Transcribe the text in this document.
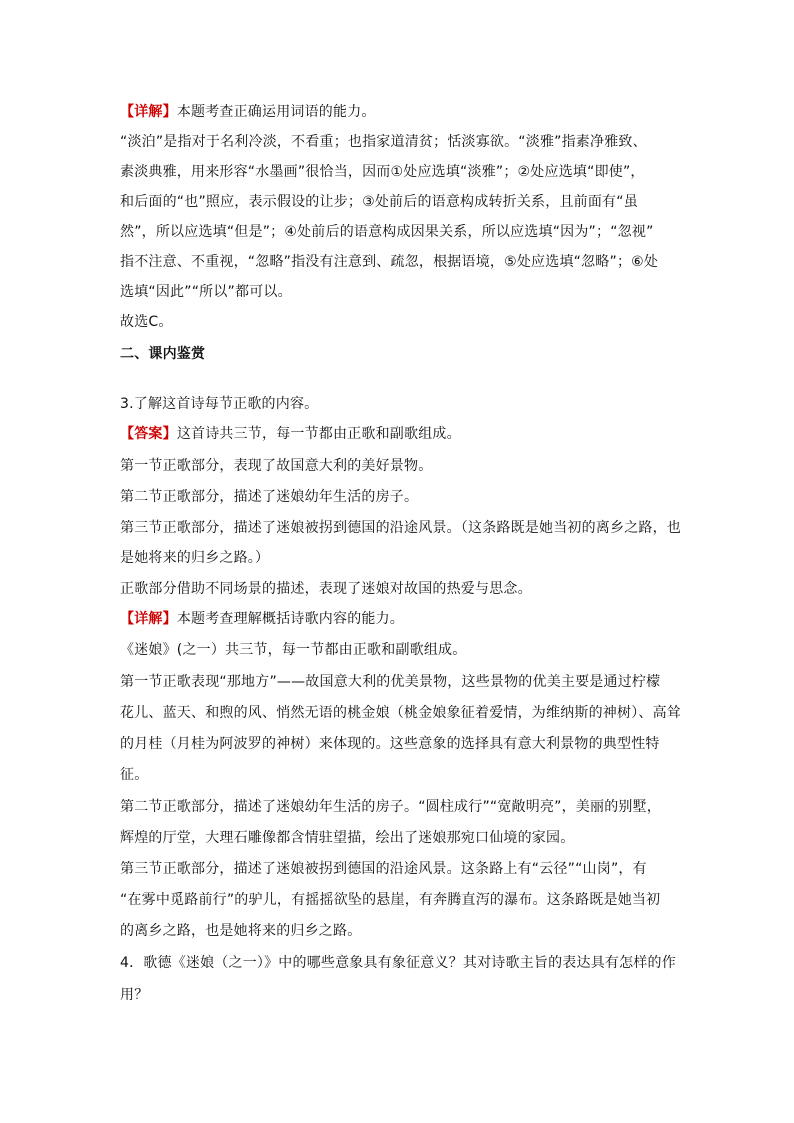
【详解】本题考查正确运用词语的能力。
“淡泊”是指对于名利冷淡，不看重；也指家道清贫；恬淡寡欲。“淡雅”指素净雅致、
素淡典雅，用来形容“水墨画”很恰当，因而①处应选填“淡雅”；②处应选填“即使”，
和后面的“也”照应，表示假设的让步；③处前后的语意构成转折关系，且前面有“虽
然”，所以应选填“但是”；④处前后的语意构成因果关系，所以应选填“因为”；“忽视”
指不注意、不重视，“忽略”指没有注意到、疏忽，根据语境，⑤处应选填“忽略”；⑥处
选填“因此”“所以”都可以。
故选C。
二、课内鉴赏
3.了解这首诗每节正歌的内容。
【答案】这首诗共三节，每一节都由正歌和副歌组成。
第一节正歌部分，表现了故国意大利的美好景物。
第二节正歌部分，描述了迷娘幼年生活的房子。
第三节正歌部分，描述了迷娘被拐到德国的沿途风景。（这条路既是她当初的离乡之路，也
是她将来的归乡之路。）
正歌部分借助不同场景的描述，表现了迷娘对故国的热爱与思念。
【详解】本题考查理解概括诗歌内容的能力。
《迷娘》(之一）共三节，每一节都由正歌和副歌组成。
第一节正歌表现“那地方”——故国意大利的优美景物，这些景物的优美主要是通过柠檬
花儿、蓝天、和煦的风、悄然无语的桃金娘（桃金娘象征着爱情，为维纳斯的神树）、高耸
的月桂（月桂为阿波罗的神树）来体现的。这些意象的选择具有意大利景物的典型性特
征。
第二节正歌部分，描述了迷娘幼年生活的房子。“圆柱成行”“宽敞明亮”，美丽的别墅，
辉煌的厅堂，大理石雕像都含情驻望描，绘出了迷娘那宛口仙境的家园。
第三节正歌部分，描述了迷娘被拐到德国的沿途风景。这条路上有“云径”“山岗”，有
“在雾中觅路前行”的驴儿，有摇摇欲坠的悬崖，有奔腾直泻的瀑布。这条路既是她当初
的离乡之路，也是她将来的归乡之路。
4．歌德《迷娘（之一）》中的哪些意象具有象征意义？其对诗歌主旨的表达具有怎样的作
用？
